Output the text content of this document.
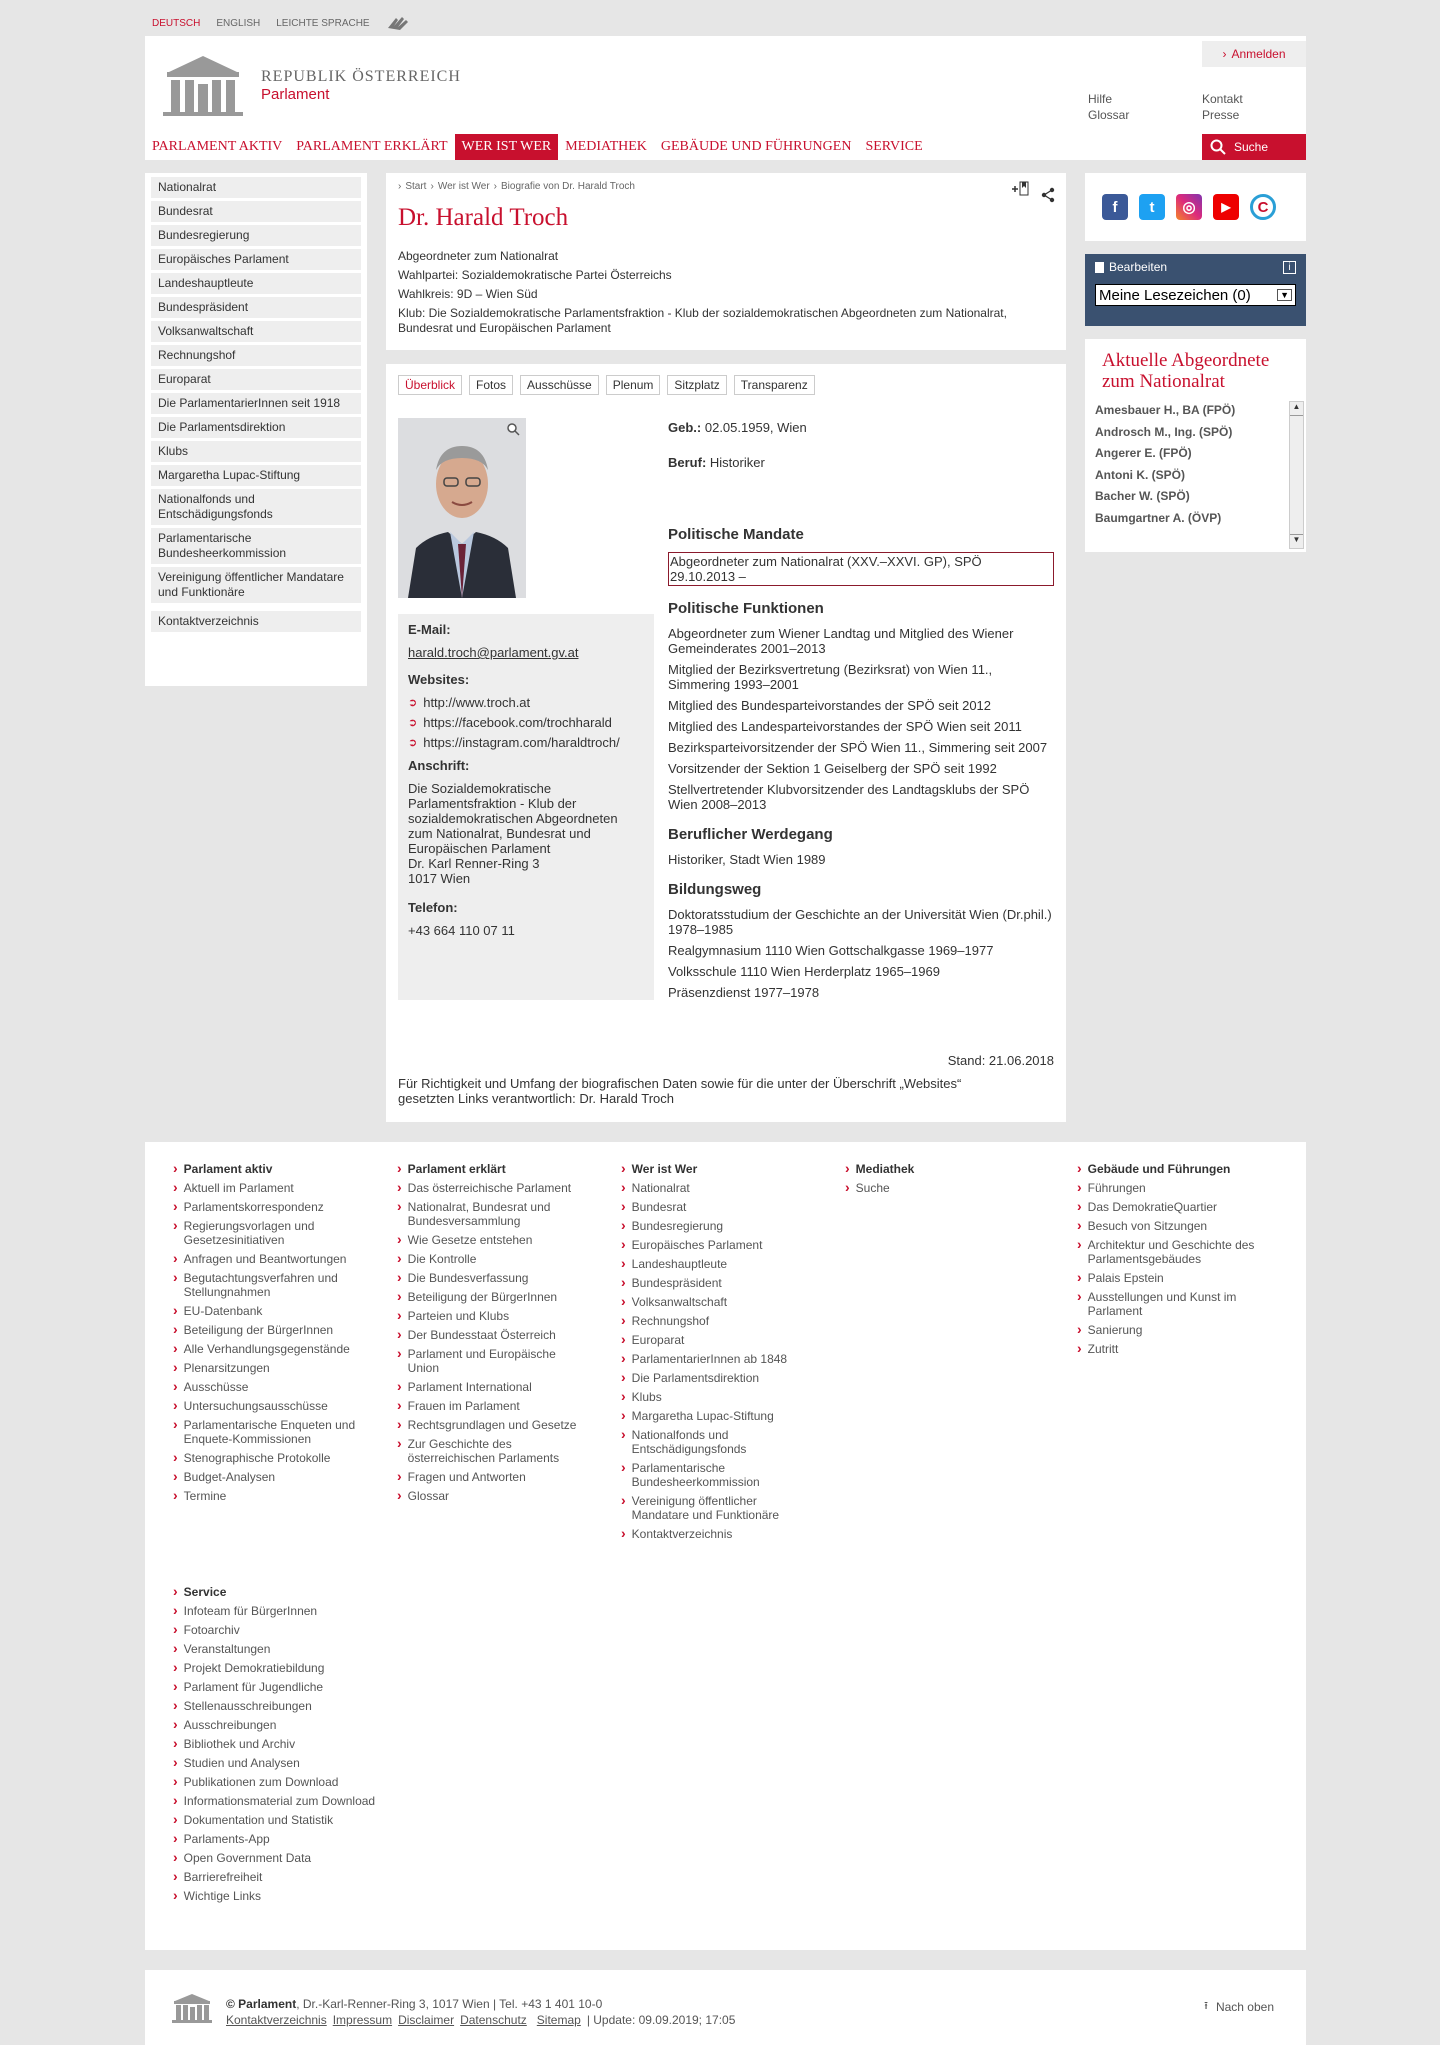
DEUTSCH ENGLISH LEICHTE SPRACHE
REPUBLIK ÖSTERREICH
Parlament
› Anmelden
Hilfe	Kontakt
Glossar	Presse
PARLAMENT AKTIV	PARLAMENT ERKLÄRT	WER IST WER	MEDIATHEK	GEBÄUDE UND FÜHRUNGEN	SERVICE	Suche
Nationalrat
Bundesrat
Bundesregierung
Europäisches Parlament
Landeshauptleute
Bundespräsident
Volksanwaltschaft
Rechnungshof
Europarat
Die ParlamentarierInnen seit 1918
Die Parlamentsdirektion
Klubs
Margaretha Lupac-Stiftung
Nationalfonds und Entschädigungsfonds
Parlamentarische Bundesheerkommission
Vereinigung öffentlicher Mandatare und Funktionäre
Kontaktverzeichnis
› Start › Wer ist Wer › Biografie von Dr. Harald Troch
Dr. Harald Troch

Abgeordneter zum Nationalrat

Wahlpartei: Sozialdemokratische Partei Österreichs

Wahlkreis: 9D – Wien Süd

Klub: Die Sozialdemokratische Parlamentsfraktion - Klub der sozialdemokratischen Abgeordneten zum Nationalrat, Bundesrat und Europäischen Parlament

Überblick	Fotos	Ausschüsse	Plenum	Sitzplatz	Transparenz
E-Mail:
harald.troch@parlament.gv.at
Websites:
➲ http://www.troch.at
➲ https://facebook.com/trochharald
➲ https://instagram.com/haraldtroch/
Anschrift:
Die Sozialdemokratische Parlamentsfraktion - Klub der sozialdemokratischen Abgeordneten zum Nationalrat, Bundesrat und Europäischen Parlament
Dr. Karl Renner-Ring 3
1017 Wien
Telefon:
+43 664 110 07 11

Geb.: 02.05.1959, Wien

Beruf: Historiker

Politische Mandate

Abgeordneter zum Nationalrat (XXV.–XXVI. GP), SPÖ

29.10.2013 –

Politische Funktionen

Abgeordneter zum Wiener Landtag und Mitglied des Wiener Gemeinderates 2001–2013

Mitglied der Bezirksvertretung (Bezirksrat) von Wien 11., Simmering 1993–2001

Mitglied des Bundesparteivorstandes der SPÖ seit 2012

Mitglied des Landesparteivorstandes der SPÖ Wien seit 2011

Bezirksparteivorsitzender der SPÖ Wien 11., Simmering seit 2007

Vorsitzender der Sektion 1 Geiselberg der SPÖ seit 1992

Stellvertretender Klubvorsitzender des Landtagsklubs der SPÖ Wien 2008–2013

Beruflicher Werdegang

Historiker, Stadt Wien 1989

Bildungsweg

Doktoratsstudium der Geschichte an der Universität Wien (Dr.phil.) 1978–1985

Realgymnasium 1110 Wien Gottschalkgasse 1969–1977

Volksschule 1110 Wien Herderplatz 1965–1969

Präsenzdienst 1977–1978

Stand: 21.06.2018
Für Richtigkeit und Umfang der biografischen Daten sowie für die unter der Überschrift „Websites“ gesetzten Links verantwortlich: Dr. Harald Troch
f	t	◎	▶	C
Bearbeiten	i
Meine Lesezeichen (0)	▼
Aktuelle Abgeordnete zum Nationalrat
Amesbauer H., BA (FPÖ)
Androsch M., Ing. (SPÖ)
Angerer E. (FPÖ)
Antoni K. (SPÖ)
Bacher W. (SPÖ)
Baumgartner A. (ÖVP)
▲
▼
› Parlament aktiv
› Aktuell im Parlament
› Parlamentskorrespondenz
› Regierungsvorlagen und Gesetzesinitiativen
› Anfragen und Beantwortungen
› Begutachtungsverfahren und Stellungnahmen
› EU-Datenbank
› Beteiligung der BürgerInnen
› Alle Verhandlungsgegenstände
› Plenarsitzungen
› Ausschüsse
› Untersuchungsausschüsse
› Parlamentarische Enqueten und Enquete-Kommissionen
› Stenographische Protokolle
› Budget-Analysen
› Termine
› Parlament erklärt
› Das österreichische Parlament
› Nationalrat, Bundesrat und Bundesversammlung
› Wie Gesetze entstehen
› Die Kontrolle
› Die Bundesverfassung
› Beteiligung der BürgerInnen
› Parteien und Klubs
› Der Bundesstaat Österreich
› Parlament und Europäische Union
› Parlament International
› Frauen im Parlament
› Rechtsgrundlagen und Gesetze
› Zur Geschichte des österreichischen Parlaments
› Fragen und Antworten
› Glossar
› Wer ist Wer
› Nationalrat
› Bundesrat
› Bundesregierung
› Europäisches Parlament
› Landeshauptleute
› Bundespräsident
› Volksanwaltschaft
› Rechnungshof
› Europarat
› ParlamentarierInnen ab 1848
› Die Parlamentsdirektion
› Klubs
› Margaretha Lupac-Stiftung
› Nationalfonds und Entschädigungsfonds
› Parlamentarische Bundesheerkommission
› Vereinigung öffentlicher Mandatare und Funktionäre
› Kontaktverzeichnis
› Mediathek
› Suche
› Gebäude und Führungen
› Führungen
› Das DemokratieQuartier
› Besuch von Sitzungen
› Architektur und Geschichte des Parlamentsgebäudes
› Palais Epstein
› Ausstellungen und Kunst im Parlament
› Sanierung
› Zutritt
› Service
› Infoteam für BürgerInnen
› Fotoarchiv
› Veranstaltungen
› Projekt Demokratiebildung
› Parlament für Jugendliche
› Stellenausschreibungen
› Ausschreibungen
› Bibliothek und Archiv
› Studien und Analysen
› Publikationen zum Download
› Informationsmaterial zum Download
› Dokumentation und Statistik
› Parlaments-App
› Open Government Data
› Barrierefreiheit
› Wichtige Links
© Parlament, Dr.-Karl-Renner-Ring 3, 1017 Wien | Tel. +43 1 401 10-0
Kontaktverzeichnis Impressum Disclaimer Datenschutz Sitemap | Update: 09.09.2019; 17:05
⭱ Nach oben
